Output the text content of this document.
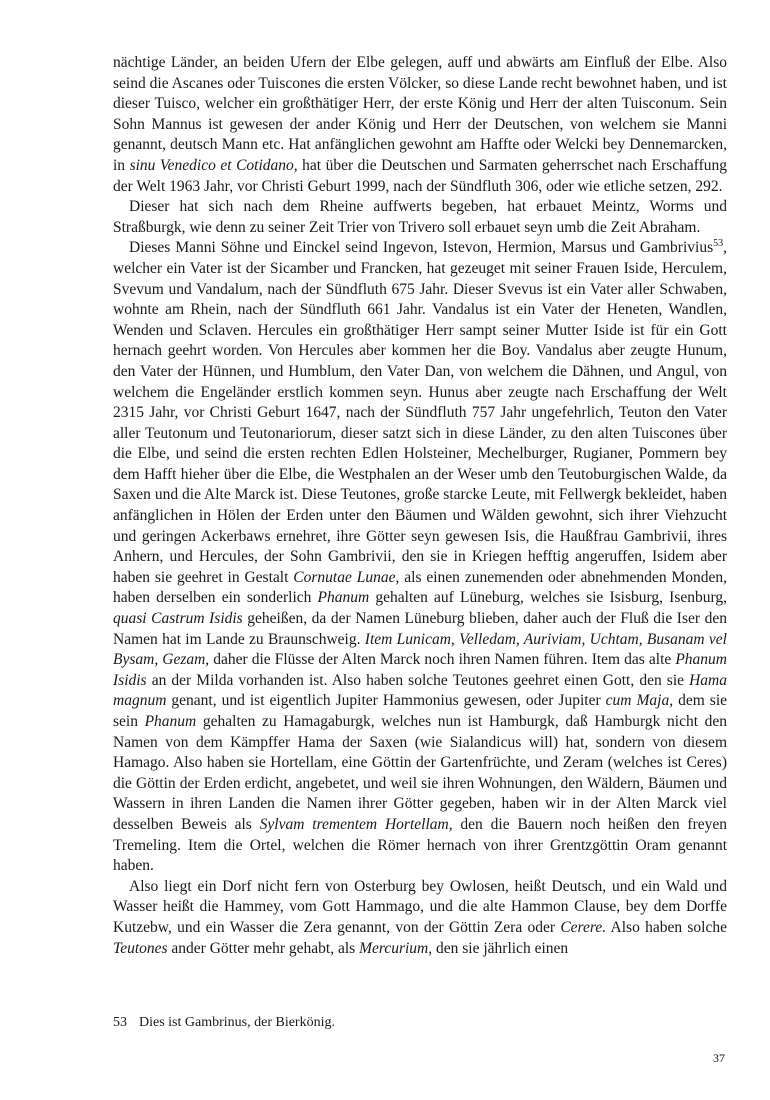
nächtige Länder, an beiden Ufern der Elbe gelegen, auff und abwärts am Einfluß der Elbe. Also seind die Ascanes oder Tuiscones die ersten Völcker, so diese Lande recht bewohnet haben, und ist dieser Tuisco, welcher ein großthätiger Herr, der erste König und Herr der alten Tuisconum. Sein Sohn Mannus ist gewesen der ander König und Herr der Deutschen, von welchem sie Manni genannt, deutsch Mann etc. Hat anfänglichen gewohnt am Haffte oder Welcki bey Dennemarcken, in sinu Venedico et Cotidano, hat über die Deutschen und Sarmaten geherrschet nach Erschaffung der Welt 1963 Jahr, vor Christi Geburt 1999, nach der Sündfluth 306, oder wie etliche setzen, 292.

Dieser hat sich nach dem Rheine auffwerts begeben, hat erbauet Meintz, Worms und Straßburgk, wie denn zu seiner Zeit Trier von Trivero soll erbauet seyn umb die Zeit Abraham.

Dieses Manni Söhne und Einckel seind Ingevon, Istevon, Hermion, Marsus und Gambrivius$^{53}$, welcher ein Vater ist der Sicamber und Francken, hat gezeuget mit seiner Frauen Iside, Herculem, Svevum und Vandalum, nach der Sündfluth 675 Jahr. Dieser Svevus ist ein Vater aller Schwaben, wohnte am Rhein, nach der Sündfluth 661 Jahr. Vandalus ist ein Vater der Heneten, Wandlen, Wenden und Sclaven. Hercules ein großthätiger Herr sampt seiner Mutter Iside ist für ein Gott hernach geehrt worden. Von Hercules aber kommen her die Boy. Vandalus aber zeugte Hunum, den Vater der Hünnen, und Humblum, den Vater Dan, von welchem die Dähnen, und Angul, von welchem die Engeländer erstlich kommen seyn. Hunus aber zeugte nach Erschaffung der Welt 2315 Jahr, vor Christi Geburt 1647, nach der Sündfluth 757 Jahr ungefehrlich, Teuton den Vater aller Teutonum und Teutonariorum, dieser satzt sich in diese Länder, zu den alten Tuiscones über die Elbe, und seind die ersten rechten Edlen Holsteiner, Mechelburger, Rugianer, Pommern bey dem Hafft hieher über die Elbe, die Westphalen an der Weser umb den Teutoburgischen Walde, da Saxen und die Alte Marck ist. Diese Teutones, große starcke Leute, mit Fellwergk bekleidet, haben anfänglichen in Hölen der Erden unter den Bäumen und Wälden gewohnt, sich ihrer Viehzucht und geringen Ackerbaws ernehret, ihre Götter seyn gewesen Isis, die Haußfrau Gambrivii, ihres Anhern, und Hercules, der Sohn Gambrivii, den sie in Kriegen hefftig angeruffen, Isidem aber haben sie geehret in Gestalt Cornutae Lunae, als einen zunemenden oder abnehmenden Monden, haben derselben ein sonderlich Phanum gehalten auf Lüneburg, welches sie Isisburg, Isenburg, quasi Castrum Isidis geheißen, da der Namen Lüneburg blieben, daher auch der Fluß die Iser den Namen hat im Lande zu Braunschweig. Item Lunicam, Velledam, Auriviam, Uchtam, Busanam vel Bysam, Gezam, daher die Flüsse der Alten Marck noch ihren Namen führen. Item das alte Phanum Isidis an der Milda vorhanden ist. Also haben solche Teutones geehret einen Gott, den sie Hama magnum genant, und ist eigentlich Jupiter Hammonius gewesen, oder Jupiter cum Maja, dem sie sein Phanum gehalten zu Hamagaburgk, welches nun ist Hamburgk, daß Hamburgk nicht den Namen von dem Kämpffer Hama der Saxen (wie Sialandicus will) hat, sondern von diesem Hamago. Also haben sie Hortellam, eine Göttin der Gartenfrüchte, und Zeram (welches ist Ceres) die Göttin der Erden erdicht, angebetet, und weil sie ihren Wohnungen, den Wäldern, Bäumen und Wassern in ihren Landen die Namen ihrer Götter gegeben, haben wir in der Alten Marck viel desselben Beweis als Sylvam trementem Hortellam, den die Bauern noch heißen den freyen Tremeling. Item die Ortel, welchen die Römer hernach von ihrer Grentzgöttin Oram genannt haben.

Also liegt ein Dorf nicht fern von Osterburg bey Owlosen, heißt Deutsch, und ein Wald und Wasser heißt die Hammey, vom Gott Hammago, und die alte Hammon Clause, bey dem Dorffe Kutzebw, und ein Wasser die Zera genannt, von der Göttin Zera oder Cerere. Also haben solche Teutones ander Götter mehr gehabt, als Mercurium, den sie jährlich einen

53 Dies ist Gambrinus, der Bierkönig.
37
